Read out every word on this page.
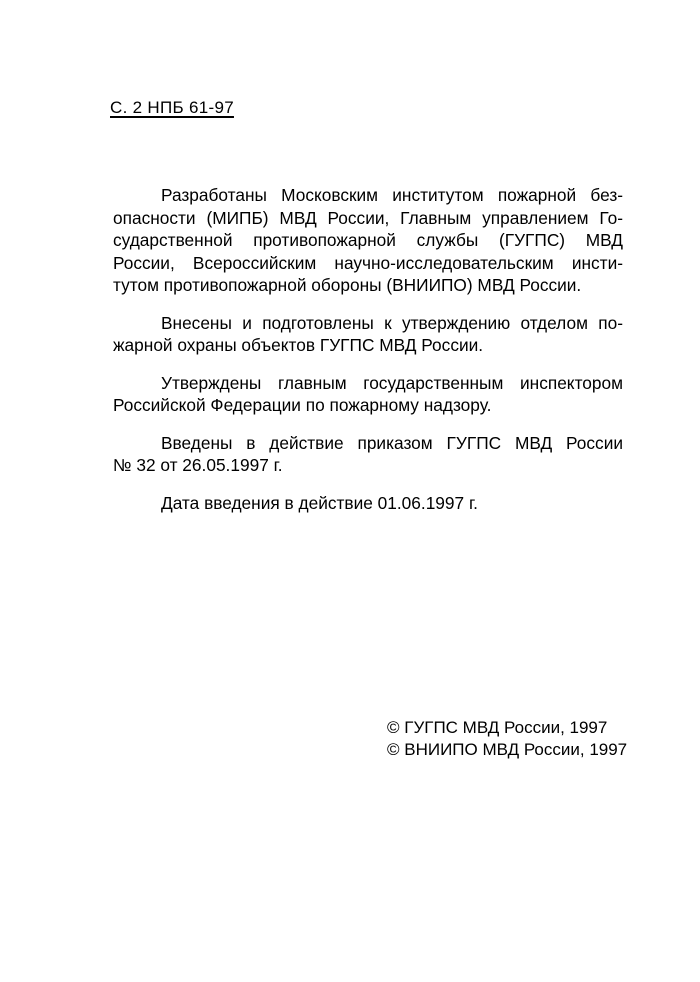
С. 2 НПБ 61-97
Разработаны Московским институтом пожарной без-
опасности (МИПБ) МВД России, Главным управлением Го-
сударственной противопожарной службы (ГУГПС) МВД
России, Всероссийским научно-исследовательским инсти-
тутом противопожарной обороны (ВНИИПО) МВД России.
Внесены и подготовлены к утверждению отделом по-
жарной охраны объектов ГУГПС МВД России.
Утверждены главным государственным инспектором
Российской Федерации по пожарному надзору.
Введены в действие приказом ГУГПС МВД России
№ 32 от 26.05.1997 г.
Дата введения в действие 01.06.1997 г.
© ГУГПС МВД России, 1997
© ВНИИПО МВД России, 1997
